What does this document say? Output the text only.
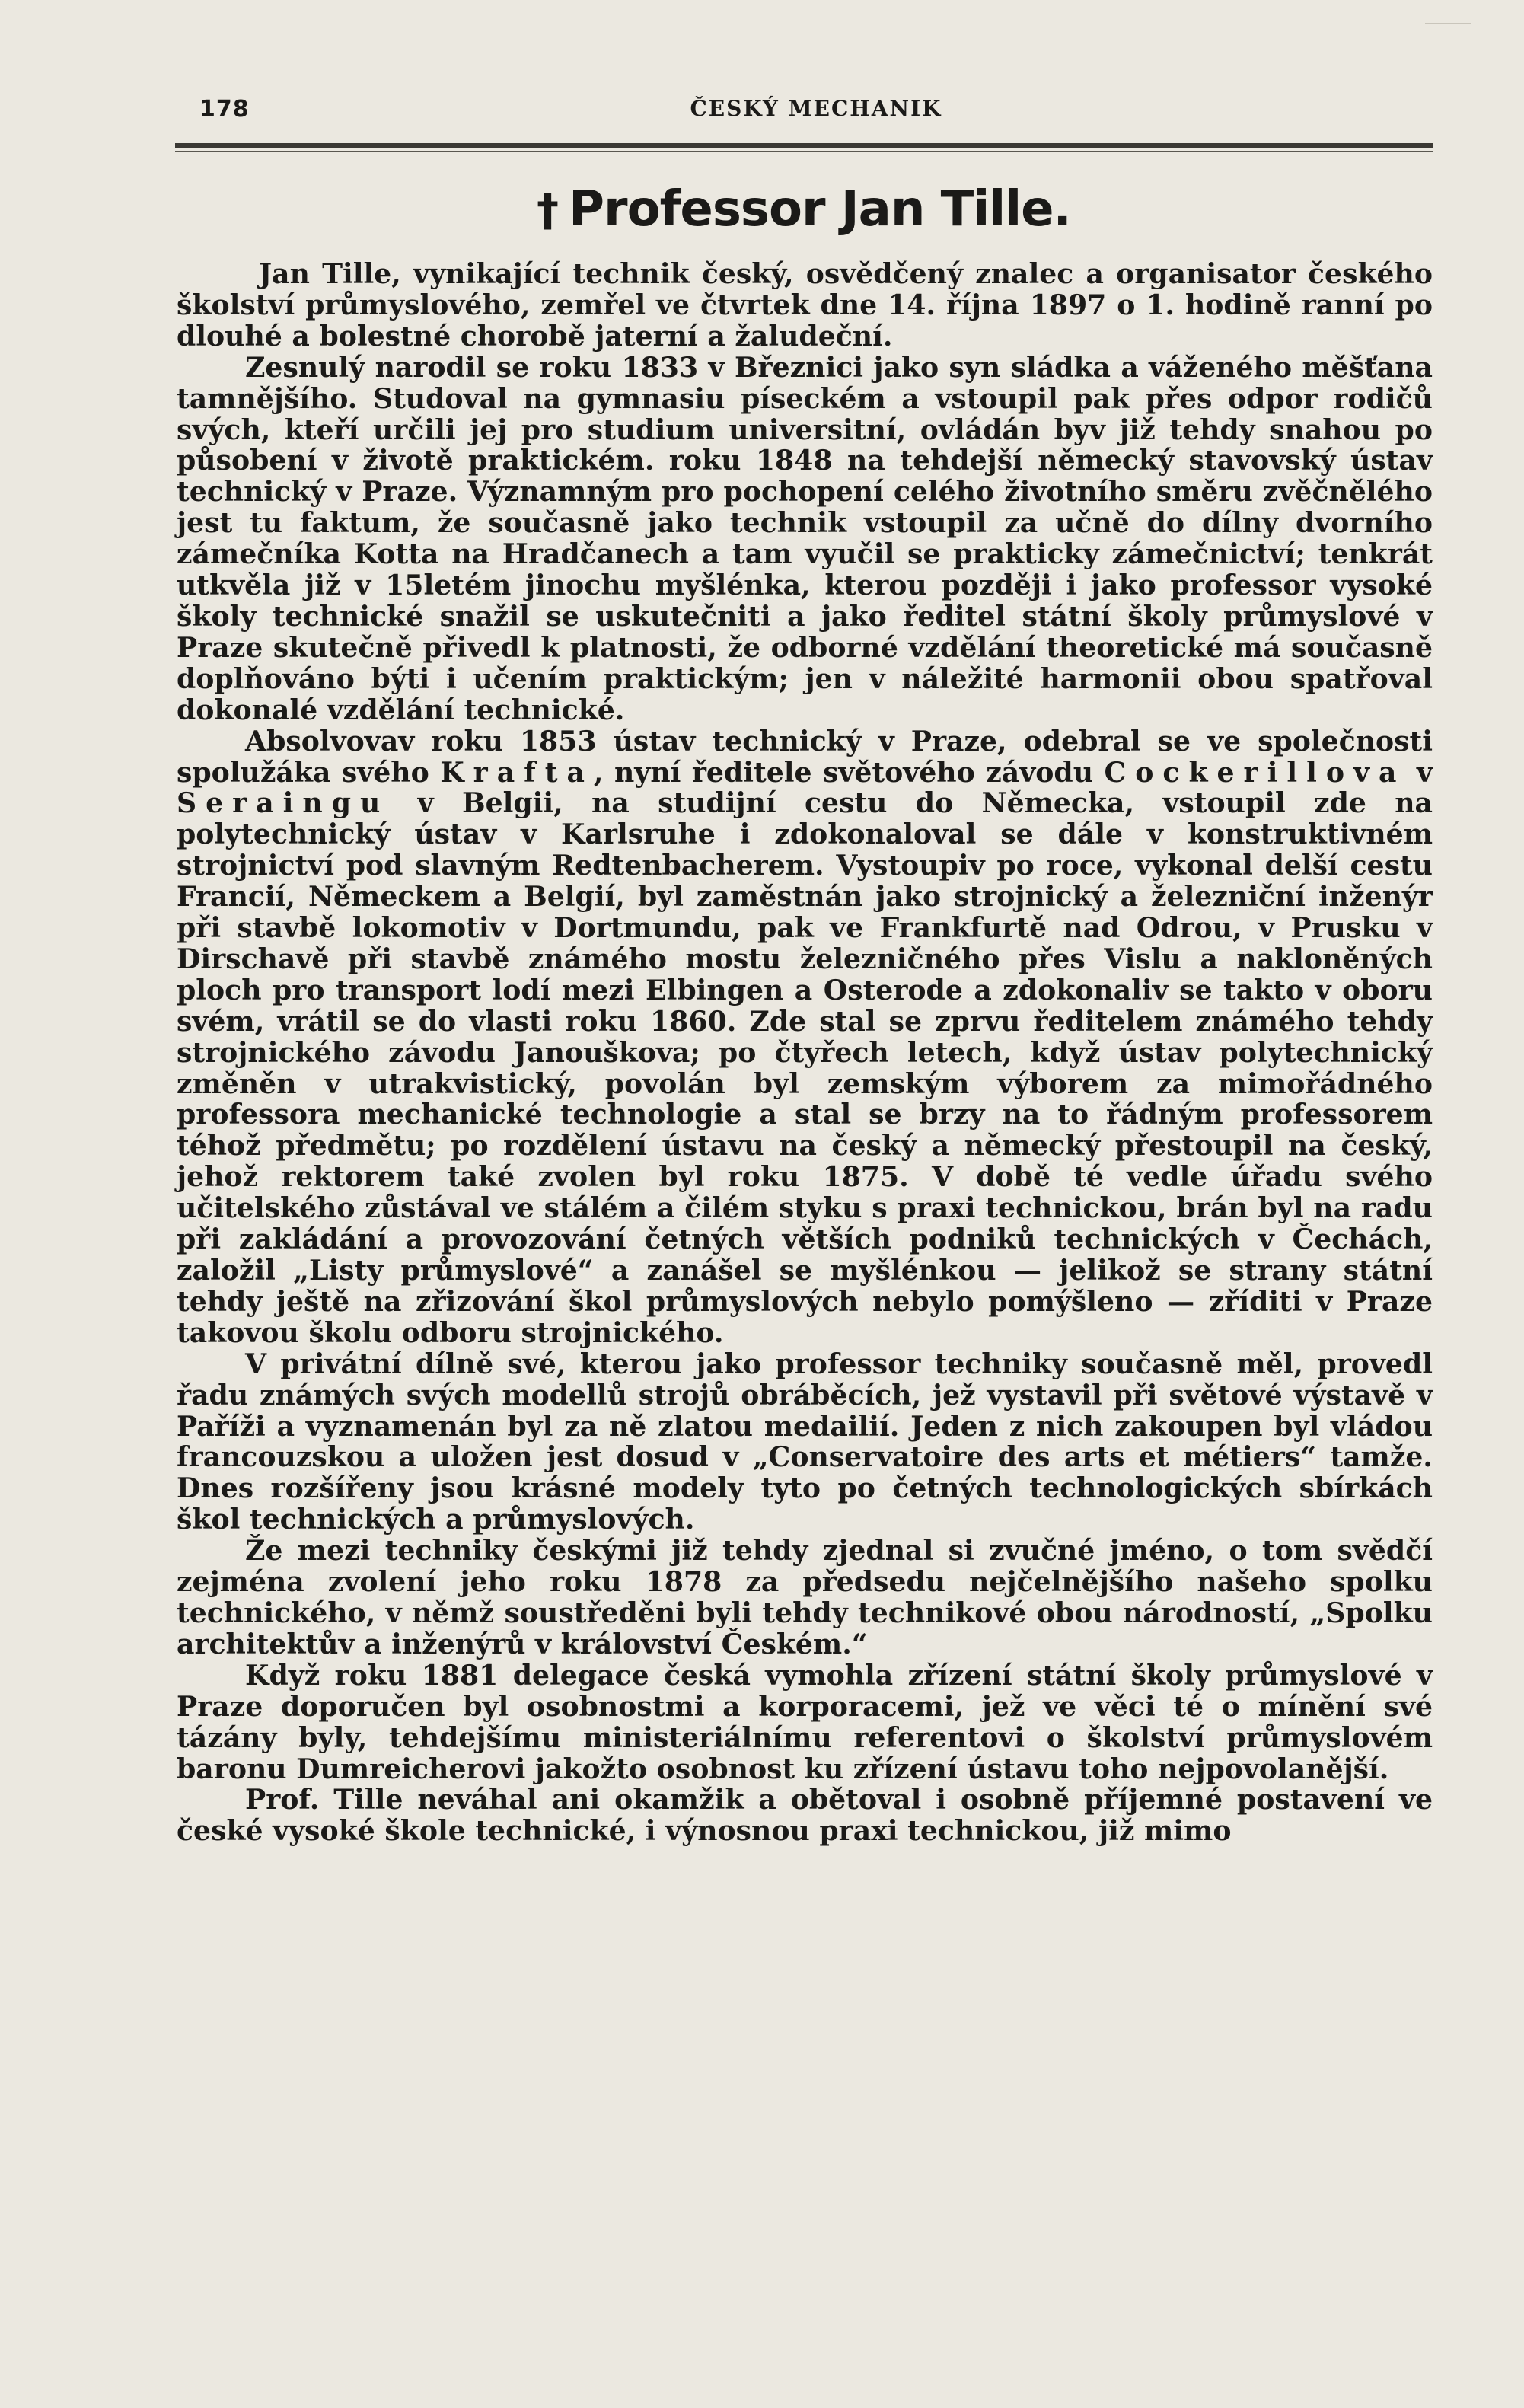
178	ČESKÝ MECHANIK
† Professor Jan Tille.

Jan Tille, vynikající technik český, osvědčený znalec a organisator českého školství průmyslového, zemřel ve čtvrtek dne 14. října 1897 o 1. hodině ranní po dlouhé a bolestné chorobě jaterní a žaludeční.

Zesnulý narodil se roku 1833 v Březnici jako syn sládka a váženého měšťana tamnějšího. Studoval na gymnasiu píseckém a vstoupil pak přes odpor rodičů svých, kteří určili jej pro studium universitní, ovládán byv již tehdy snahou po působení v životě praktickém. roku 1848 na tehdejší německý stavovský ústav technický v Praze. Významným pro pochopení celého životního směru zvěčnělého jest tu faktum, že současně jako technik vstoupil za učně do dílny dvorního zámečníka Kotta na Hradčanech a tam vyučil se prakticky zámečnictví; tenkrát utkvěla již v 15letém jinochu myšlénka, kterou později i jako professor vysoké školy technické snažil se uskutečniti a jako ředitel státní školy průmyslové v Praze skutečně přivedl k platnosti, že odborné vzdělání theoretické má současně doplňováno býti i učením praktickým; jen v náležité harmonii obou spatřoval dokonalé vzdělání technické.

Absolvovav roku 1853 ústav technický v Praze, odebral se ve společnosti spolužáka svého Krafta, nyní ředitele světového závodu Cockerillova v Seraingu v Belgii, na studijní cestu do Německa, vstoupil zde na polytechnický ústav v Karlsruhe i zdokonaloval se dále v konstruktivném strojnictví pod slavným Redtenbacherem. Vystoupiv po roce, vykonal delší cestu Francií, Německem a Belgií, byl zaměstnán jako strojnický a železniční inženýr při stavbě lokomotiv v Dortmundu, pak ve Frankfurtě nad Odrou, v Prusku v Dirschavě při stavbě známého mostu železničného přes Vislu a nakloněných ploch pro transport lodí mezi Elbingen a Osterode a zdokonaliv se takto v oboru svém, vrátil se do vlasti roku 1860. Zde stal se zprvu ředitelem známého tehdy strojnického závodu Janouškova; po čtyřech letech, když ústav polytechnický změněn v utrakvistický, povolán byl zemským výborem za mimořádného professora mechanické technologie a stal se brzy na to řádným professorem téhož předmětu; po rozdělení ústavu na český a německý přestoupil na český, jehož rektorem také zvolen byl roku 1875. V době té vedle úřadu svého učitelského zůstával ve stálém a čilém styku s praxi technickou, brán byl na radu při zakládání a provozování četných větších podniků technických v Čechách, založil „Listy průmyslové“ a zanášel se myšlénkou — jelikož se strany státní tehdy ještě na zřizování škol průmyslových nebylo pomýšleno — zříditi v Praze takovou školu odboru strojnického.

V privátní dílně své, kterou jako professor techniky současně měl, provedl řadu známých svých modellů strojů obráběcích, jež vystavil při světové výstavě v Paříži a vyznamenán byl za ně zlatou medailií. Jeden z nich zakoupen byl vládou francouzskou a uložen jest dosud v „Conservatoire des arts et métiers“ tamže. Dnes rozšířeny jsou krásné modely tyto po četných technologických sbírkách škol technických a průmyslových.

Že mezi techniky českými již tehdy zjednal si zvučné jméno, o tom svědčí zejména zvolení jeho roku 1878 za předsedu nejčelnějšího našeho spolku technického, v němž soustředěni byli tehdy technikové obou národností, „Spolku architektův a inženýrů v království Českém.“

Když roku 1881 delegace česká vymohla zřízení státní školy průmyslové v Praze doporučen byl osobnostmi a korporacemi, jež ve věci té o mínění své tázány byly, tehdejšímu ministeriálnímu referentovi o školství průmyslovém baronu Dumreicherovi jakožto osobnost ku zřízení ústavu toho nejpovolanější.

Prof. Tille neváhal ani okamžik a obětoval i osobně příjemné postavení ve české vysoké škole technické, i výnosnou praxi technickou, již mimo
